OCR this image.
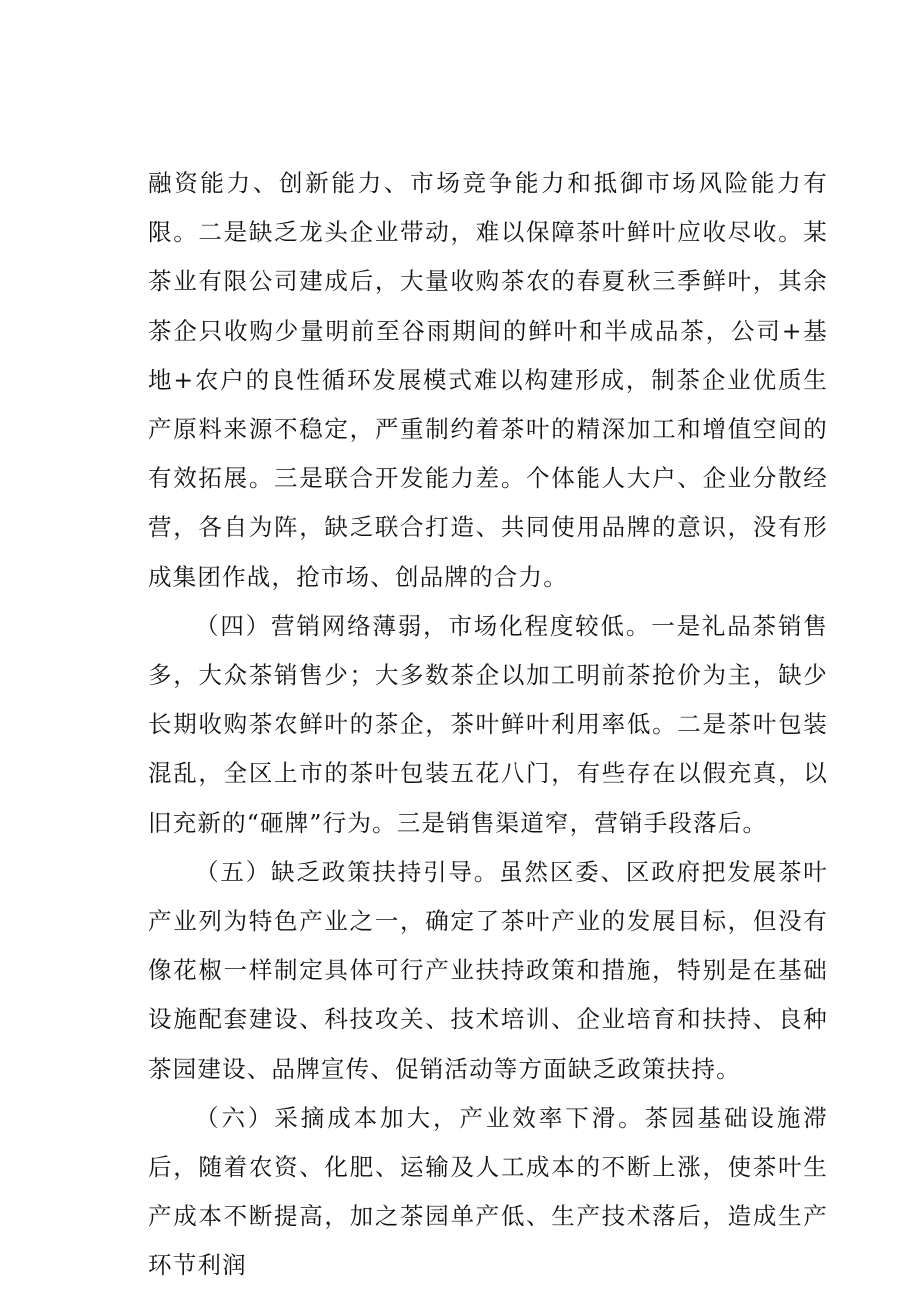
融资能力、创新能力、市场竞争能力和抵御市场风险能力有限。二是缺乏龙头企业带动，难以保障茶叶鲜叶应收尽收。某茶业有限公司建成后，大量收购茶农的春夏秋三季鲜叶，其余茶企只收购少量明前至谷雨期间的鲜叶和半成品茶，公司+基地+农户的良性循环发展模式难以构建形成，制茶企业优质生产原料来源不稳定，严重制约着茶叶的精深加工和增值空间的有效拓展。三是联合开发能力差。个体能人大户、企业分散经营，各自为阵，缺乏联合打造、共同使用品牌的意识，没有形成集团作战，抢市场、创品牌的合力。

（四）营销网络薄弱，市场化程度较低。一是礼品茶销售多，大众茶销售少；大多数茶企以加工明前茶抢价为主，缺少长期收购茶农鲜叶的茶企，茶叶鲜叶利用率低。二是茶叶包装混乱，全区上市的茶叶包装五花八门，有些存在以假充真，以旧充新的“砸牌”行为。三是销售渠道窄，营销手段落后。

（五）缺乏政策扶持引导。虽然区委、区政府把发展茶叶产业列为特色产业之一，确定了茶叶产业的发展目标，但没有像花椒一样制定具体可行产业扶持政策和措施，特别是在基础设施配套建设、科技攻关、技术培训、企业培育和扶持、良种茶园建设、品牌宣传、促销活动等方面缺乏政策扶持。

（六）采摘成本加大，产业效率下滑。茶园基础设施滞后，随着农资、化肥、运输及人工成本的不断上涨，使茶叶生产成本不断提高，加之茶园单产低、生产技术落后，造成生产环节利润
